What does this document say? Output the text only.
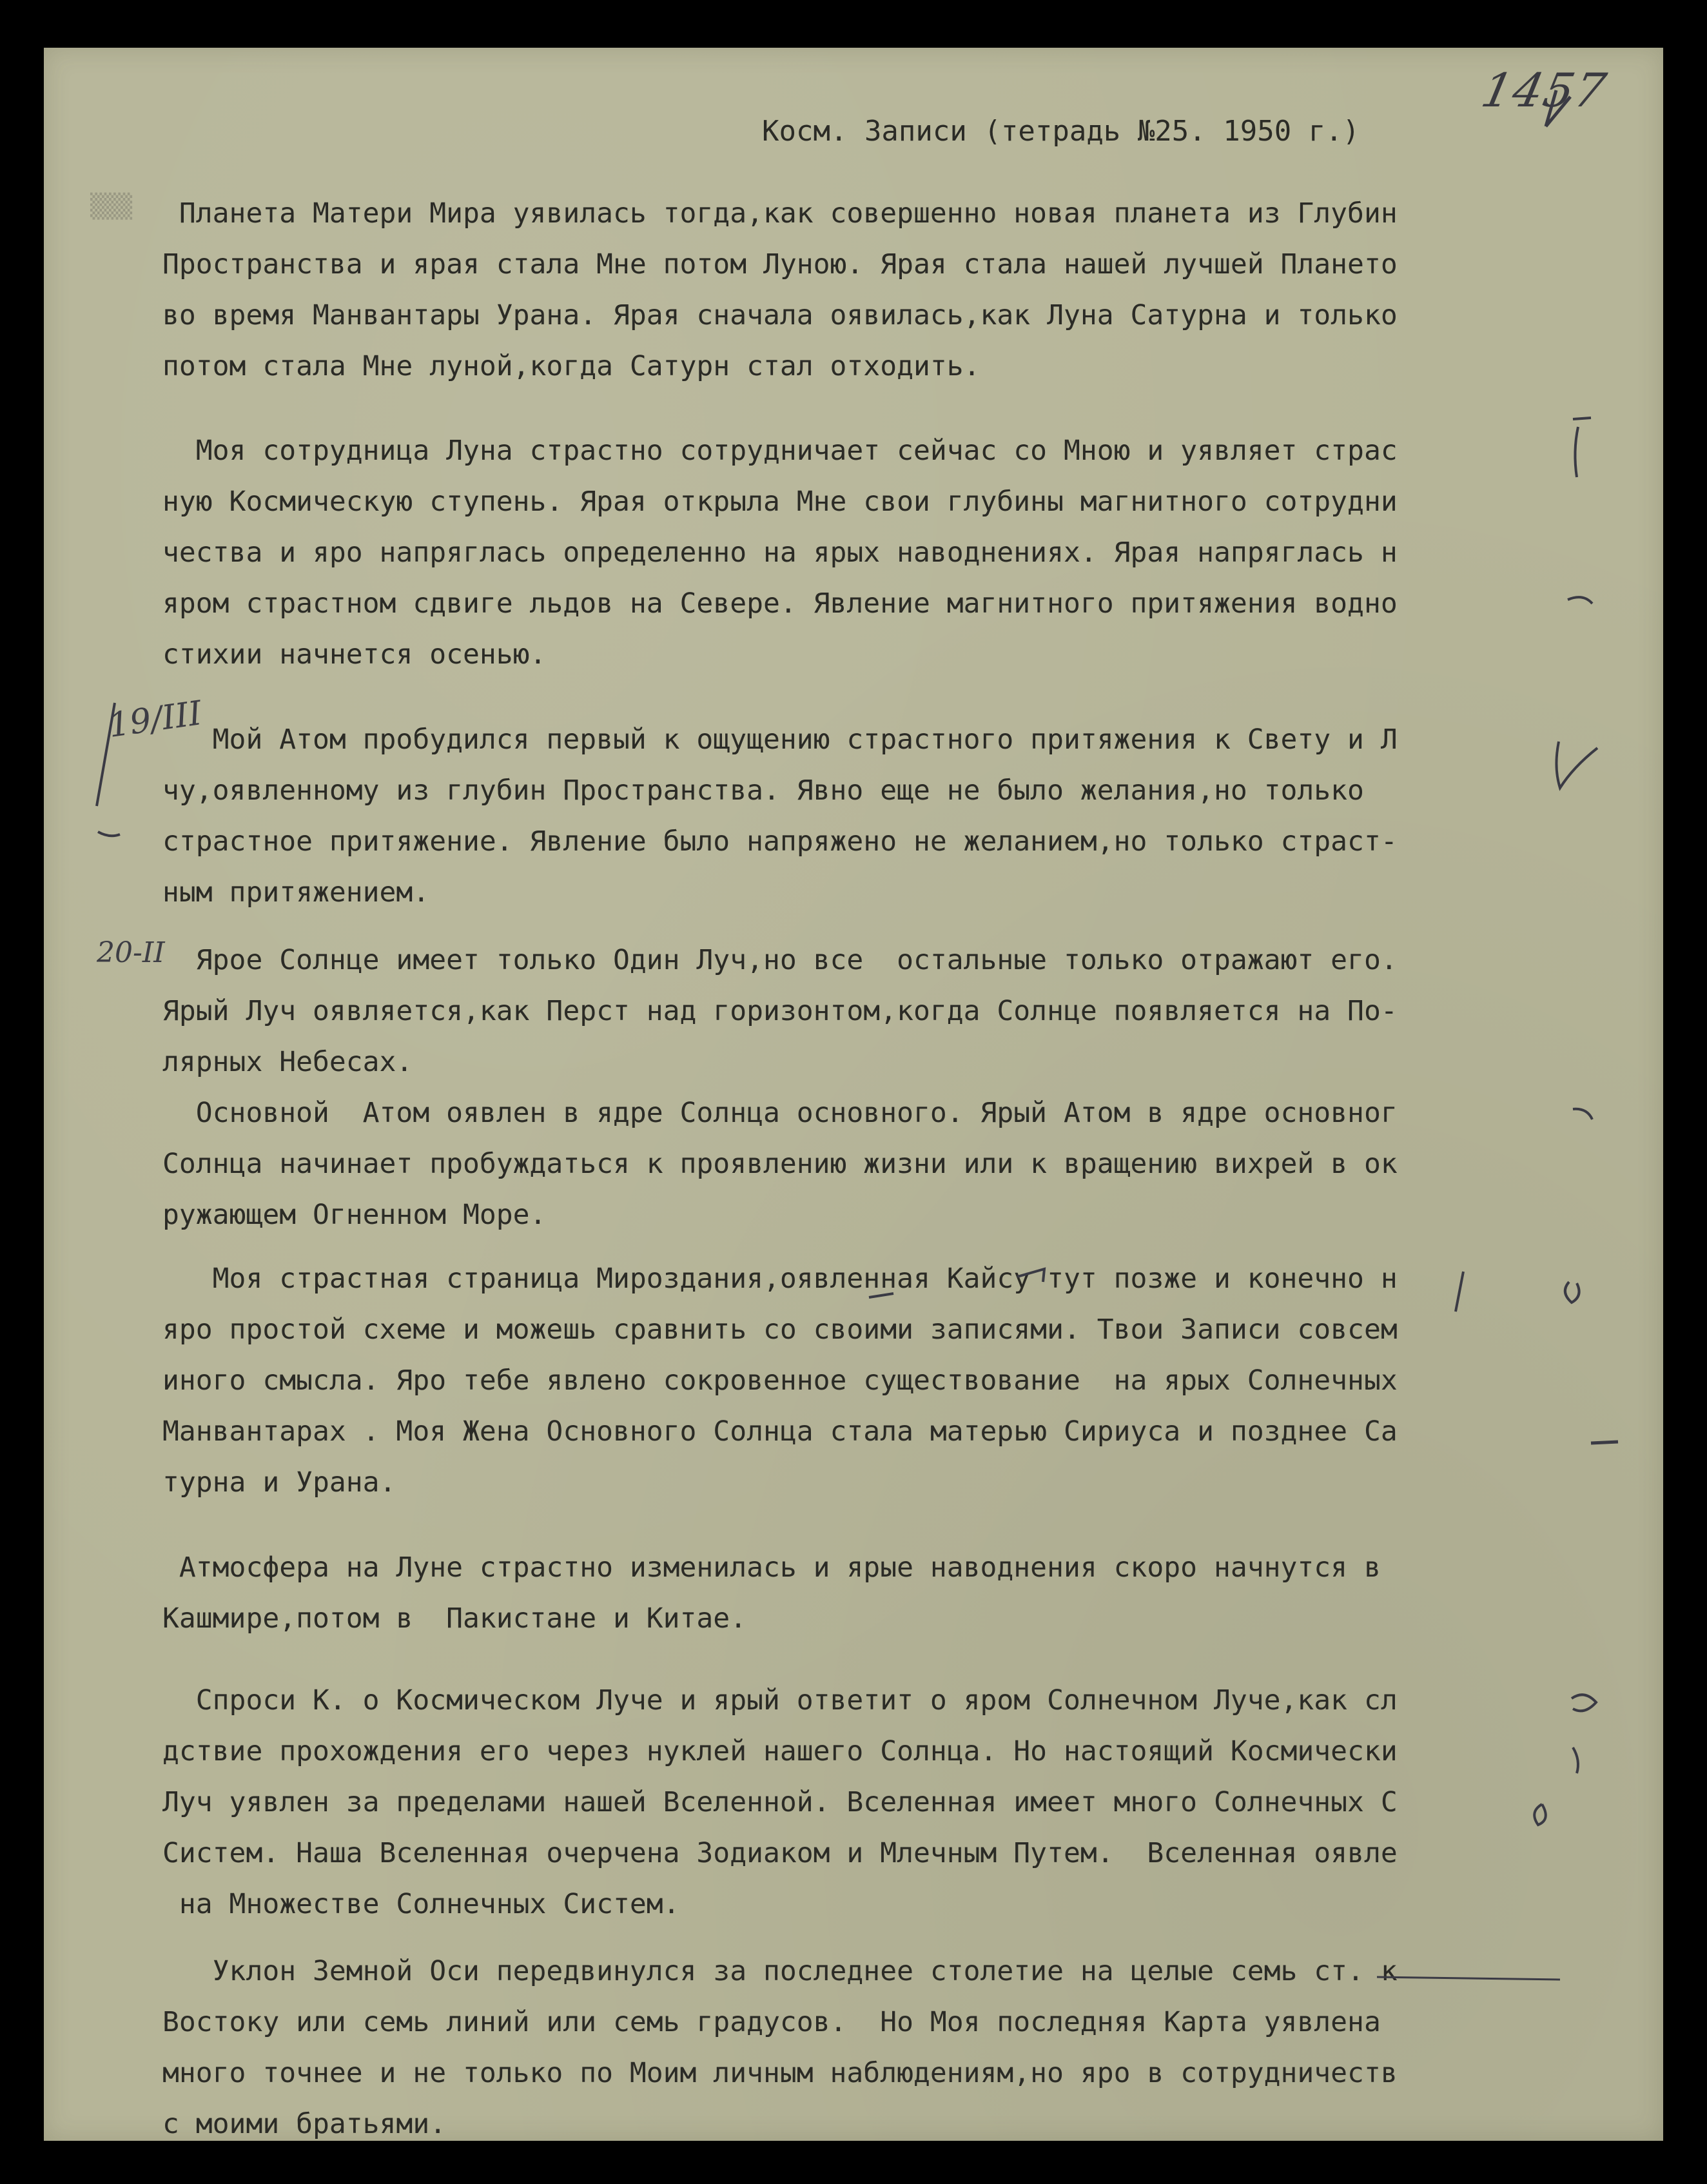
▒▒▒
1457
Косм. Записи (тетрадь №25. 1950 г.)
Планета Матери Мира уявилась тогда,как совершенно новая планета из Глубин
Пространства и ярая стала Мне потом Луною. Ярая стала нашей лучшей Плането
во время Манвантары Урана. Ярая сначала оявилась,как Луна Сатурна и только
потом стала Мне луной,когда Сатурн стал отходить.
Моя сотрудница Луна страстно сотрудничает сейчас со Мною и уявляет страс
ную Космическую ступень. Ярая открыла Мне свои глубины магнитного сотрудни
чества и яро напряглась определенно на ярых наводнениях. Ярая напряглась н
яром страстном сдвиге льдов на Севере. Явление магнитного притяжения водно
стихии начнется осенью.
Мой Атом пробудился первый к ощущению страстного притяжения к Свету и Л
чу,оявленному из глубин Пространства. Явно еще не было желания,но только
страстное притяжение. Явление было напряжено не желанием,но только страст-
ным притяжением.
Ярое Солнце имеет только Один Луч,но все  остальные только отражают его.
Ярый Луч оявляется,как Перст над горизонтом,когда Солнце появляется на По-
лярных Небесах.
Основной  Атом оявлен в ядре Солнца основного. Ярый Атом в ядре основног
Солнца начинает пробуждаться к проявлению жизни или к вращению вихрей в ок
ружающем Огненном Море.
Моя страстная страница Мироздания,оявленная Кайсу тут позже и конечно н
яро простой схеме и можешь сравнить со своими записями. Твои Записи совсем
иного смысла. Яро тебе явлено сокровенное существование  на ярых Солнечных
Манвантарах . Моя Жена Основного Солнца стала матерью Сириуса и позднее Са
турна и Урана.
Атмосфера на Луне страстно изменилась и ярые наводнения скоро начнутся в
Кашмире,потом в  Пакистане и Китае.
Спроси К. о Космическом Луче и ярый ответит о яром Солнечном Луче,как сл
дствие прохождения его через нуклей нашего Солнца. Но настоящий Космически
Луч уявлен за пределами нашей Вселенной. Вселенная имеет много Солнечных С
Систем. Наша Вселенная очерчена Зодиаком и Млечным Путем.  Вселенная оявле
на Множестве Солнечных Систем.
Уклон Земной Оси передвинулся за последнее столетие на целые семь ст. к
Востоку или семь линий или семь градусов.  Но Моя последняя Карта уявлена
много точнее и не только по Моим личным наблюдениям,но яро в сотрудничеств
с моими братьями.
19/III
20-II
